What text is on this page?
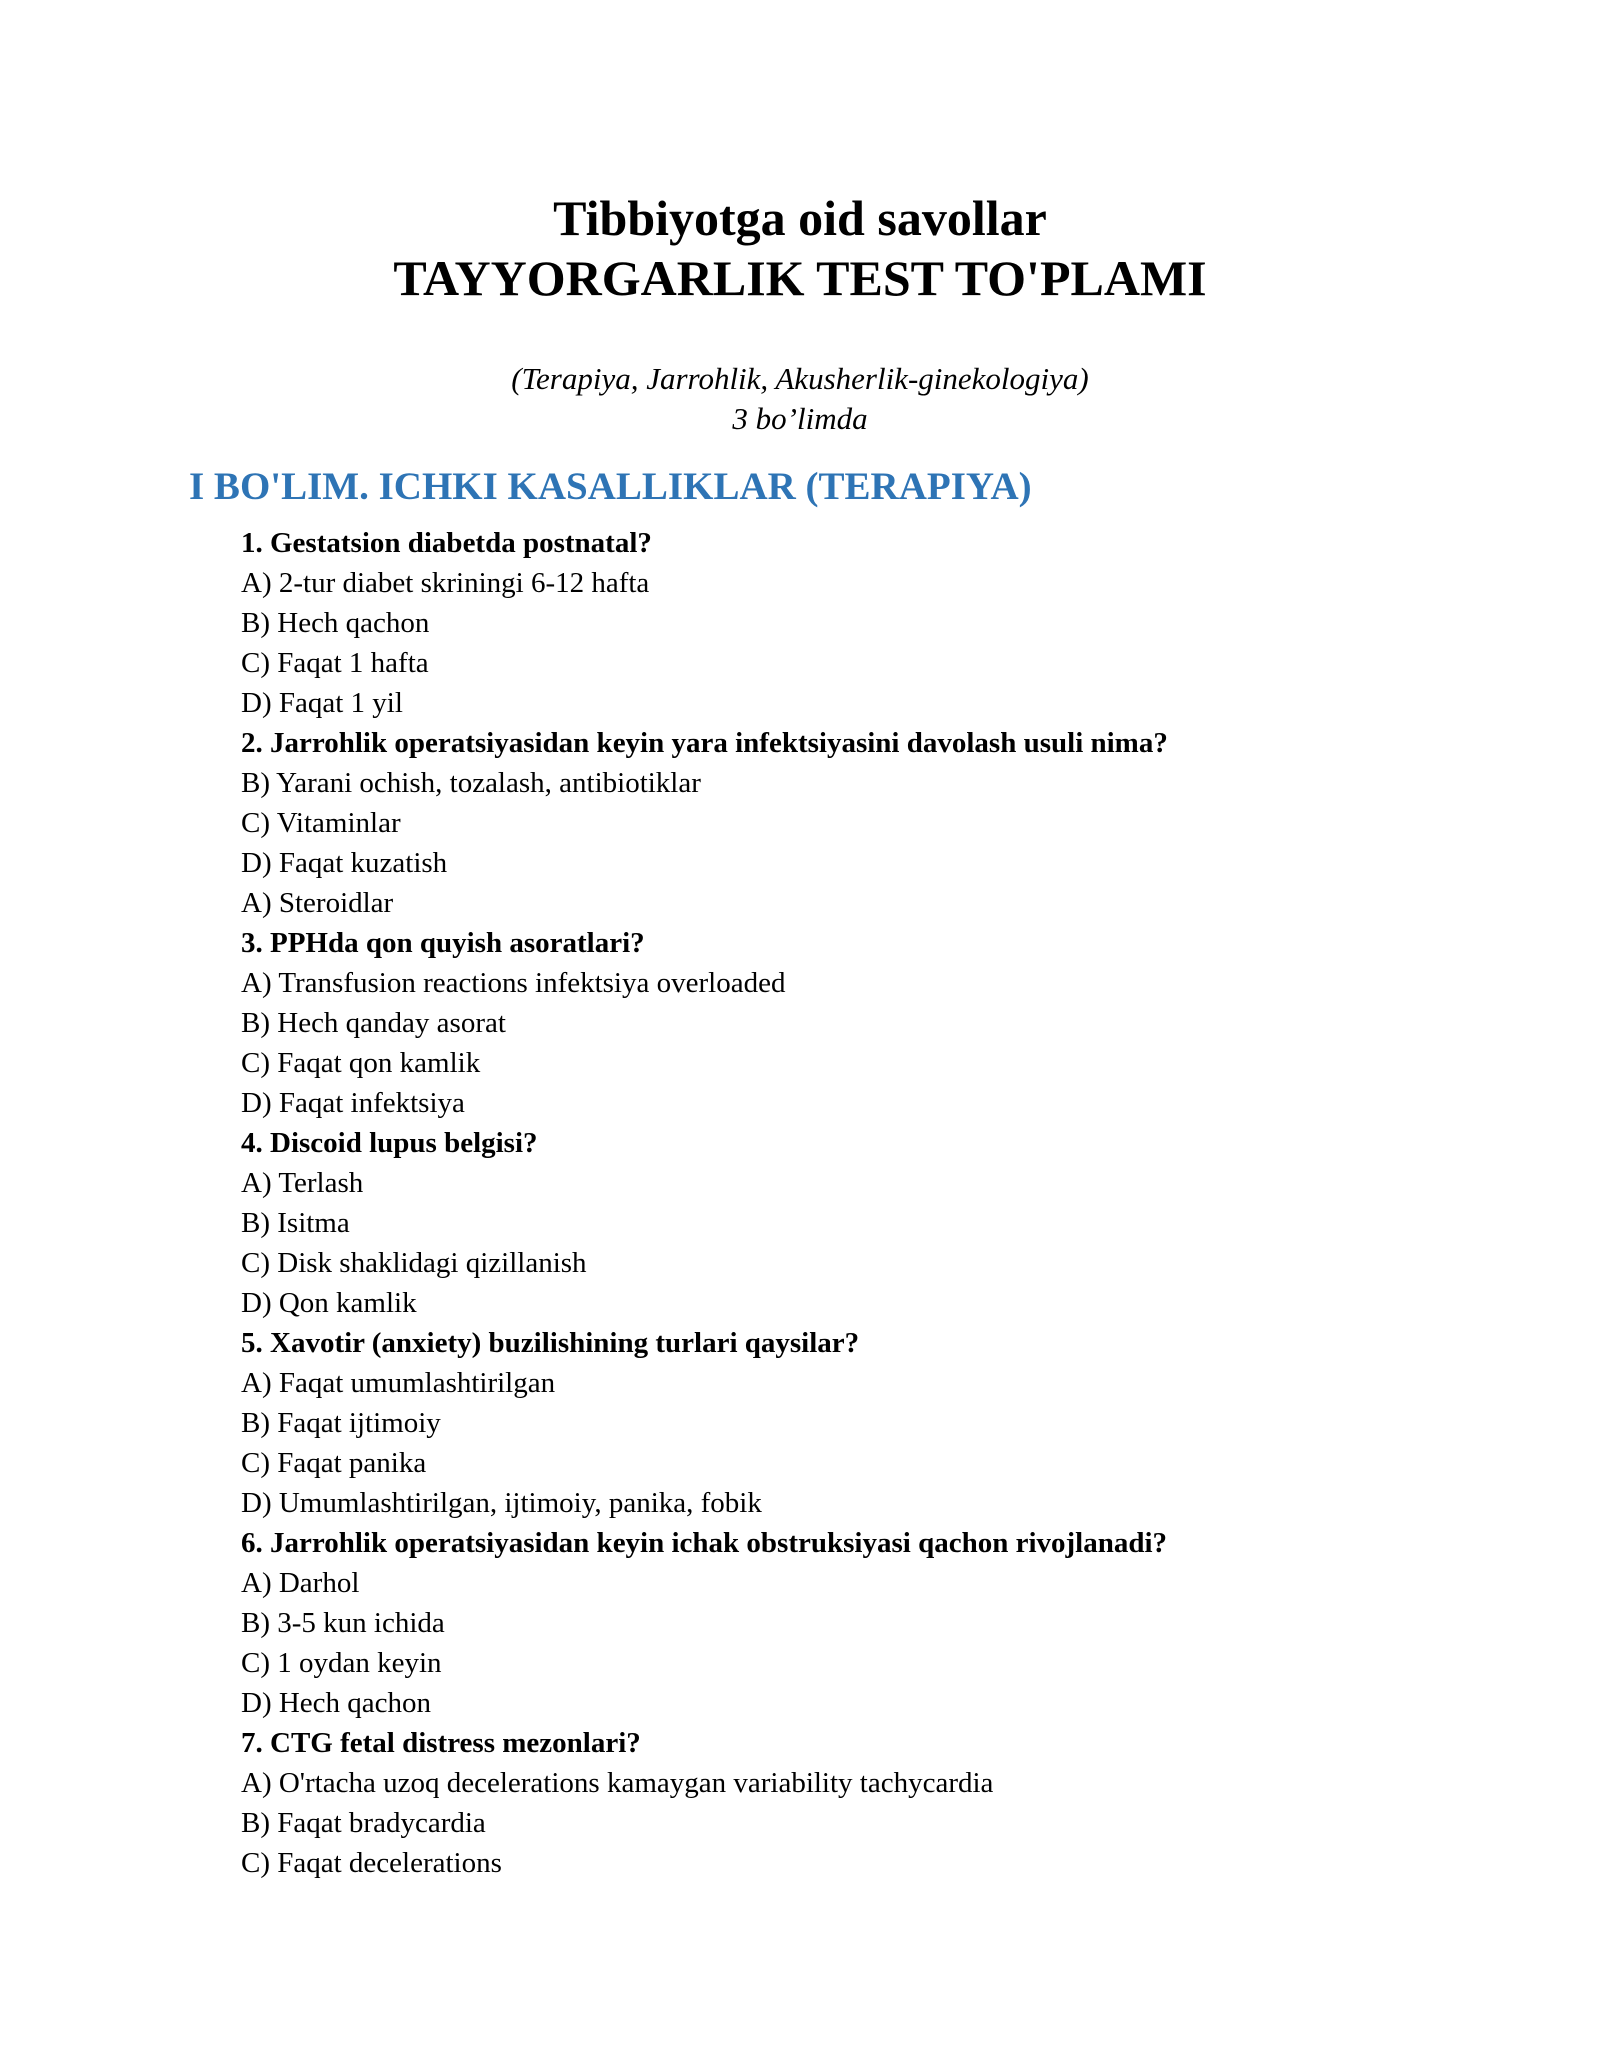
Tibbiyotga oid savollar

TAYYORGARLIK TEST TO'PLAMI

(Terapiya, Jarrohlik, Akusherlik-ginekologiya)

3 bo’limda

I BO'LIM. ICHKI KASALLIKLAR (TERAPIYA)
1. Gestatsion diabetda postnatal?
A) 2-tur diabet skriningi 6-12 hafta
B) Hech qachon
C) Faqat 1 hafta
D) Faqat 1 yil
2. Jarrohlik operatsiyasidan keyin yara infektsiyasini davolash usuli nima?
B) Yarani ochish, tozalash, antibiotiklar
C) Vitaminlar
D) Faqat kuzatish
A) Steroidlar
3. PPHda qon quyish asoratlari?
A) Transfusion reactions infektsiya overloaded
B) Hech qanday asorat
C) Faqat qon kamlik
D) Faqat infektsiya
4. Discoid lupus belgisi?
A) Terlash
B) Isitma
C) Disk shaklidagi qizillanish
D) Qon kamlik
5. Xavotir (anxiety) buzilishining turlari qaysilar?
A) Faqat umumlashtirilgan
B) Faqat ijtimoiy
C) Faqat panika
D) Umumlashtirilgan, ijtimoiy, panika, fobik
6. Jarrohlik operatsiyasidan keyin ichak obstruksiyasi qachon rivojlanadi?
A) Darhol
B) 3-5 kun ichida
C) 1 oydan keyin
D) Hech qachon
7. CTG fetal distress mezonlari?
A) O'rtacha uzoq decelerations kamaygan variability tachycardia
B) Faqat bradycardia
C) Faqat decelerations
